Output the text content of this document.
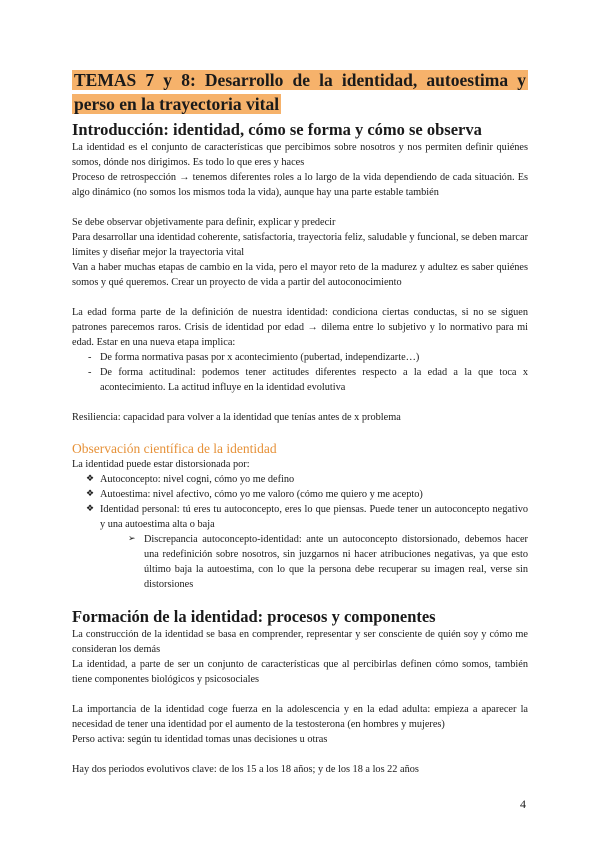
TEMAS 7 y 8: Desarrollo de la identidad, autoestima y perso en la trayectoria vital
Introducción: identidad, cómo se forma y cómo se observa

La identidad es el conjunto de características que percibimos sobre nosotros y nos permiten definir quiénes somos, dónde nos dirigimos. Es todo lo que eres y haces

Proceso de retrospección → tenemos diferentes roles a lo largo de la vida dependiendo de cada situación. Es algo dinámico (no somos los mismos toda la vida), aunque hay una parte estable también

Se debe observar objetivamente para definir, explicar y predecir

Para desarrollar una identidad coherente, satisfactoria, trayectoria feliz, saludable y funcional, se deben marcar límites y diseñar mejor la trayectoria vital

Van a haber muchas etapas de cambio en la vida, pero el mayor reto de la madurez y adultez es saber quiénes somos y qué queremos. Crear un proyecto de vida a partir del autoconocimiento

La edad forma parte de la definición de nuestra identidad: condiciona ciertas conductas, si no se siguen patrones parecemos raros. Crisis de identidad por edad → dilema entre lo subjetivo y lo normativo para mi edad. Estar en una nueva etapa implica:

- De forma normativa pasas por x acontecimiento (pubertad, independizarte…)
- De forma actitudinal: podemos tener actitudes diferentes respecto a la edad a la que toca x acontecimiento. La actitud influye en la identidad evolutiva

Resiliencia: capacidad para volver a la identidad que tenías antes de x problema

Observación científica de la identidad

La identidad puede estar distorsionada por:

❖ Autoconcepto: nivel cogni, cómo yo me defino
❖ Autoestima: nivel afectivo, cómo yo me valoro (cómo me quiero y me acepto)
❖ Identidad personal: tú eres tu autoconcepto, eres lo que piensas. Puede tener un autoconcepto negativo y una autoestima alta o baja
➢ Discrepancia autoconcepto-identidad: ante un autoconcepto distorsionado, debemos hacer una redefinición sobre nosotros, sin juzgarnos ni hacer atribuciones negativas, ya que esto último baja la autoestima, con lo que la persona debe recuperar su imagen real, verse sin distorsiones
Formación de la identidad: procesos y componentes

La construcción de la identidad se basa en comprender, representar y ser consciente de quién soy y cómo me consideran los demás

La identidad, a parte de ser un conjunto de características que al percibirlas definen cómo somos, también tiene componentes biológicos y psicosociales

La importancia de la identidad coge fuerza en la adolescencia y en la edad adulta: empieza a aparecer la necesidad de tener una identidad por el aumento de la testosterona (en hombres y mujeres)

Perso activa: según tu identidad tomas unas decisiones u otras

Hay dos periodos evolutivos clave: de los 15 a los 18 años; y de los 18 a los 22 años

4
